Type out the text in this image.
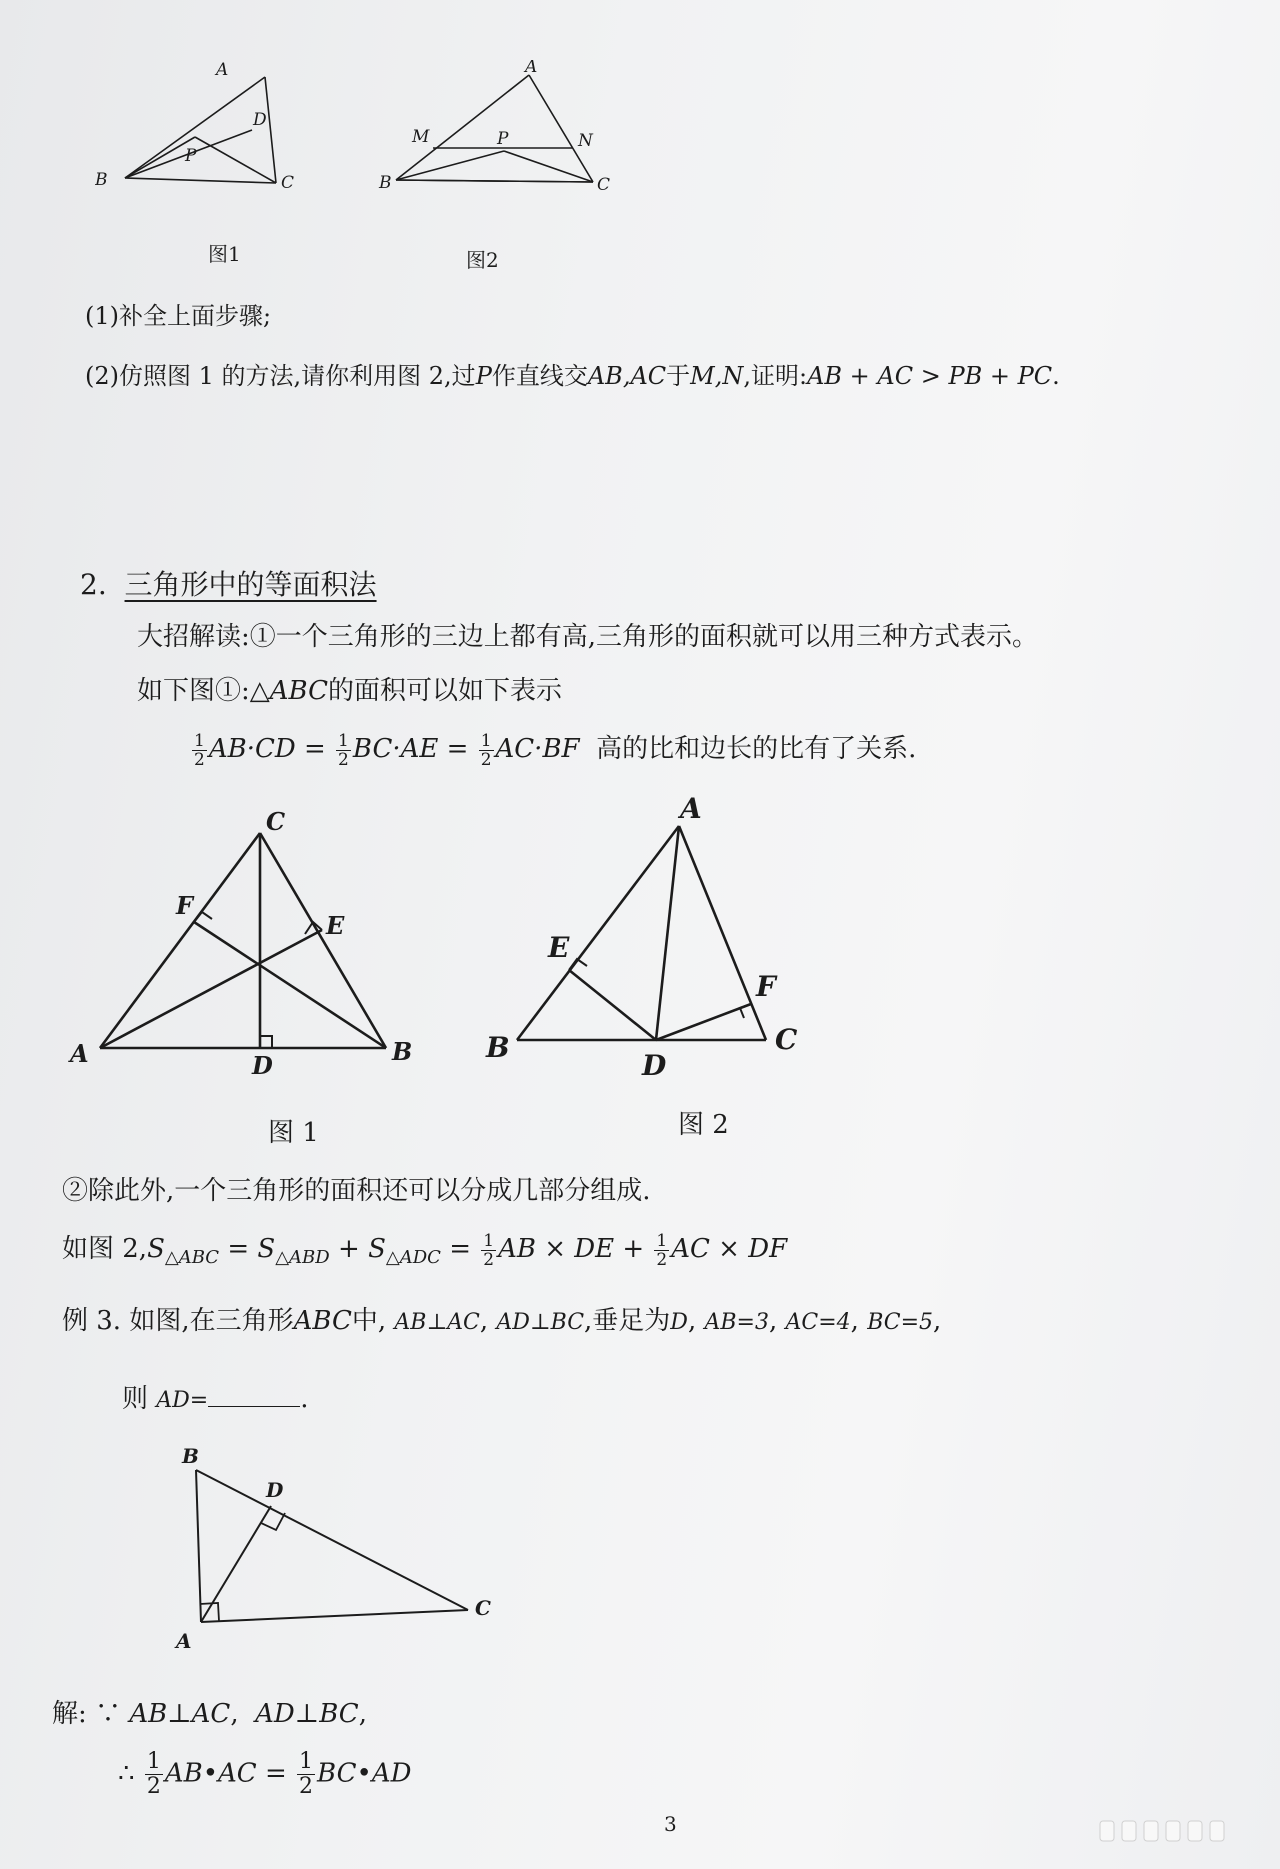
A
B	C
D
P
图1
A
B	C
M	N
P
图2
(1)补全上面步骤;
(2)仿照图 1 的方法,请你利用图 2,过P作直线交AB,AC于M,N,证明:AB + AC > PB + PC.
2. 三角形中的等面积法
大招解读:①一个三角形的三边上都有高,三角形的面积就可以用三种方式表示。
如下图①:△ABC的面积可以如下表示
$\frac{1}{2} AB\cdot CD = \frac{1}{2} BC\cdot AE = \frac{1}{2} AC\cdot BF$ 高的比和边长的比有了关系.
C
A	B
D
E
F
图 1
A
B	C
D
E
F
图 2
②除此外,一个三角形的面积还可以分成几部分组成.
如图 $2,S_{\triangle ABC} = S_{\triangle ABD} + S_{\triangle ADC} = \frac{1}{2}$ AB × DE + $\frac{1}{2}$ AC × DF
例 3. 如图,在三角形ABC中, AB⊥AC, AD⊥BC,垂足为D, AB=3, AC=4, BC=5,
则 AD=	.
B
D
C
A
解: ∵ AB⊥AC, AD⊥BC,
∴ $\frac{1}{2}$ AB•AC = $\frac{1}{2}$ BC•AD
3
